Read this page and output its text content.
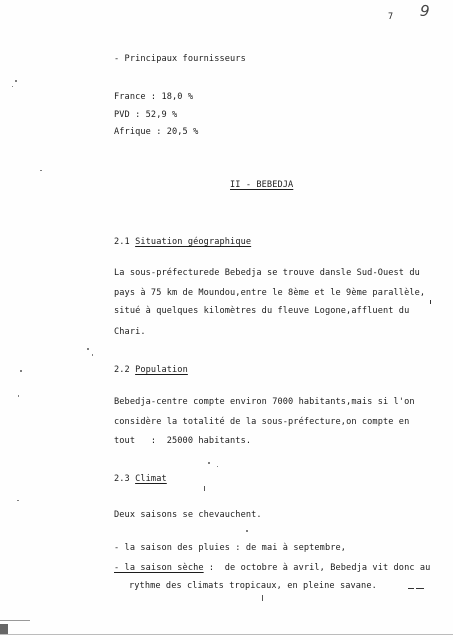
7 9
- Principaux fournisseurs
France : 18,0 %
PVD : 52,9 %
Afrique : 20,5 %
II - BEBEDJA
2.1 Situation géographique
La sous-préfecture de Bebedja se trouve dans le Sud-Ouest du
pays à 75 km de Moundou, entre le 8ème et le 9ème parallèle,
situé à quelques kilomètres du fleuve Logone, affluent du
Chari.
2.2 Population
Bebedja-centre compte environ 7000 habitants, mais si l'on
considère la totalité de la sous-préfecture, on compte en
tout   :  25000 habitants.
2.3 Climat
Deux saisons se chevauchent.
- la saison des pluies : de mai à septembre,
- la saison sèche :  de octobre à avril, Bebedja vit donc au
rythme des climats tropicaux, en pleine savane.
